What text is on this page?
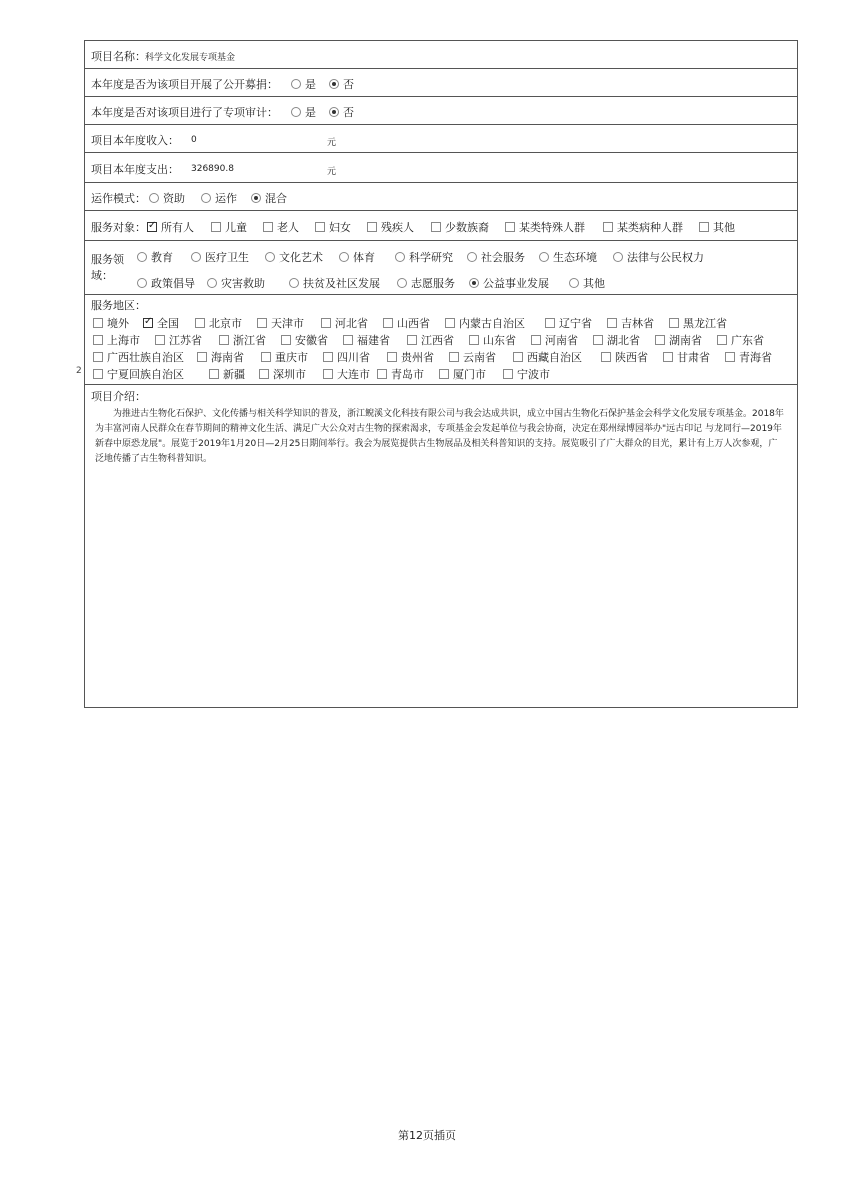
2
项目名称： 科学文化发展专项基金
本年度是否为该项目开展了公开募捐： 是 否
本年度是否对该项目进行了专项审计： 是 否
项目本年度收入： 0	元
项目本年度支出： 326890.8	元
运作模式： 资助	运作	混合
服务对象： ✓ 所有人	儿童	老人	妇女	残疾人	少数族裔	某类特殊人群	某类病种人群	其他
服务领
域：
教育	医疗卫生	文化艺术	体育	科学研究	社会服务	生态环境	法律与公民权力
政策倡导 灾害救助	扶贫及社区发展	志愿服务	公益事业发展	其他
服务地区：
境外 ✓	全国	北京市	天津市	河北省	山西省	内蒙古自治区	辽宁省	吉林省	黑龙江省
上海市	江苏省	浙江省	安徽省	福建省	江西省	山东省	河南省	湖北省	湖南省	广东省
广西壮族自治区 海南省	重庆市	四川省	贵州省	云南省	西藏自治区	陕西省	甘肃省	青海省
宁夏回族自治区	新疆	深圳市	大连市 青岛市	厦门市	宁波市
项目介绍：
为推进古生物化石保护、文化传播与相关科学知识的普及，浙江鲵溪文化科技有限公司与我会达成共识，成立中国古生物化石保护基金会科学文化发展专项基金。2018年为丰富河南人民群众在春节期间的精神文化生活、满足广大公众对古生物的探索渴求，专项基金会发起单位与我会协商，决定在郑州绿博园举办"远古印记 与龙同行—2019年新春中原恐龙展"。展览于2019年1月20日—2月25日期间举行。我会为展览提供古生物展品及相关科普知识的支持。展览吸引了广大群众的目光，累计有上万人次参观，广泛地传播了古生物科普知识。
第12页插页
